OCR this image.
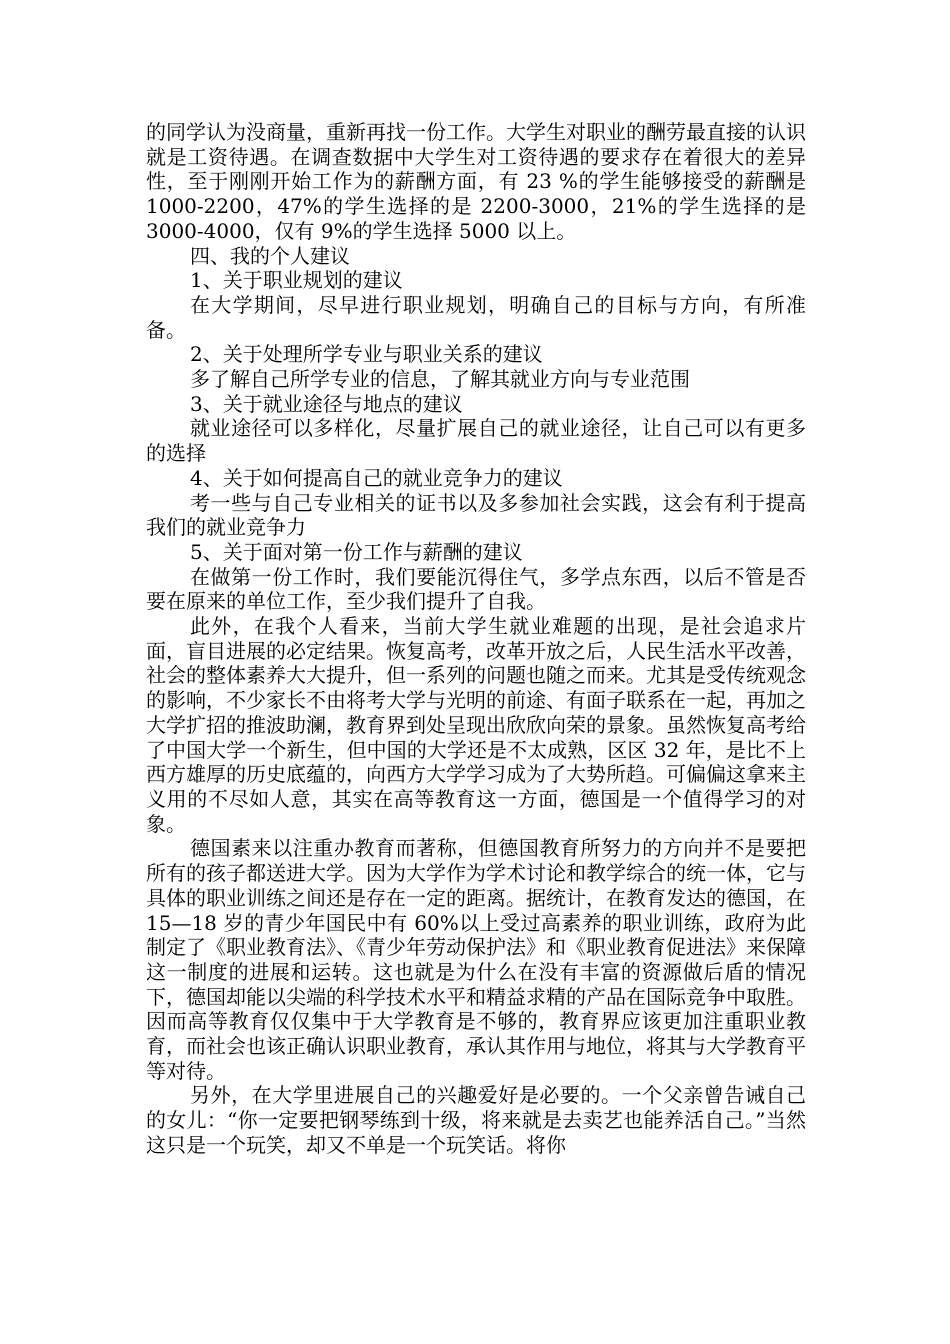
的同学认为没商量，重新再找一份工作。大学生对职业的酬劳最直接的认识就是工资待遇。在调查数据中大学生对工资待遇的要求存在着很大的差异性，至于刚刚开始工作为的薪酬方面，有 23 %的学生能够接受的薪酬是 1000-2200，47%的学生选择的是 2200-3000，21%的学生选择的是 3000-4000，仅有 9%的学生选择 5000 以上。

四、我的个人建议

1、关于职业规划的建议

在大学期间，尽早进行职业规划，明确自己的目标与方向，有所准备。

2、关于处理所学专业与职业关系的建议

多了解自己所学专业的信息，了解其就业方向与专业范围

3、关于就业途径与地点的建议

就业途径可以多样化，尽量扩展自己的就业途径，让自己可以有更多的选择

4、关于如何提高自己的就业竞争力的建议

考一些与自己专业相关的证书以及多参加社会实践，这会有利于提高我们的就业竞争力

5、关于面对第一份工作与薪酬的建议

在做第一份工作时，我们要能沉得住气，多学点东西，以后不管是否要在原来的单位工作，至少我们提升了自我。

此外，在我个人看来，当前大学生就业难题的出现，是社会追求片面，盲目进展的必定结果。恢复高考，改革开放之后，人民生活水平改善，社会的整体素养大大提升，但一系列的问题也随之而来。尤其是受传统观念的影响，不少家长不由将考大学与光明的前途、有面子联系在一起，再加之大学扩招的推波助澜，教育界到处呈现出欣欣向荣的景象。虽然恢复高考给了中国大学一个新生，但中国的大学还是不太成熟，区区 32 年，是比不上西方雄厚的历史底蕴的，向西方大学学习成为了大势所趋。可偏偏这拿来主义用的不尽如人意，其实在高等教育这一方面，德国是一个值得学习的对象。

德国素来以注重办教育而著称，但德国教育所努力的方向并不是要把所有的孩子都送进大学。因为大学作为学术讨论和教学综合的统一体，它与具体的职业训练之间还是存在一定的距离。据统计，在教育发达的德国，在 15—18 岁的青少年国民中有 60%以上受过高素养的职业训练，政府为此制定了《职业教育法》、《青少年劳动保护法》和《职业教育促进法》来保障这一制度的进展和运转。这也就是为什么在没有丰富的资源做后盾的情况下，德国却能以尖端的科学技术水平和精益求精的产品在国际竞争中取胜。因而高等教育仅仅集中于大学教育是不够的，教育界应该更加注重职业教育，而社会也该正确认识职业教育，承认其作用与地位，将其与大学教育平等对待。

另外，在大学里进展自己的兴趣爱好是必要的。一个父亲曾告诫自己的女儿：“你一定要把钢琴练到十级，将来就是去卖艺也能养活自己。”当然这只是一个玩笑，却又不单是一个玩笑话。将你
